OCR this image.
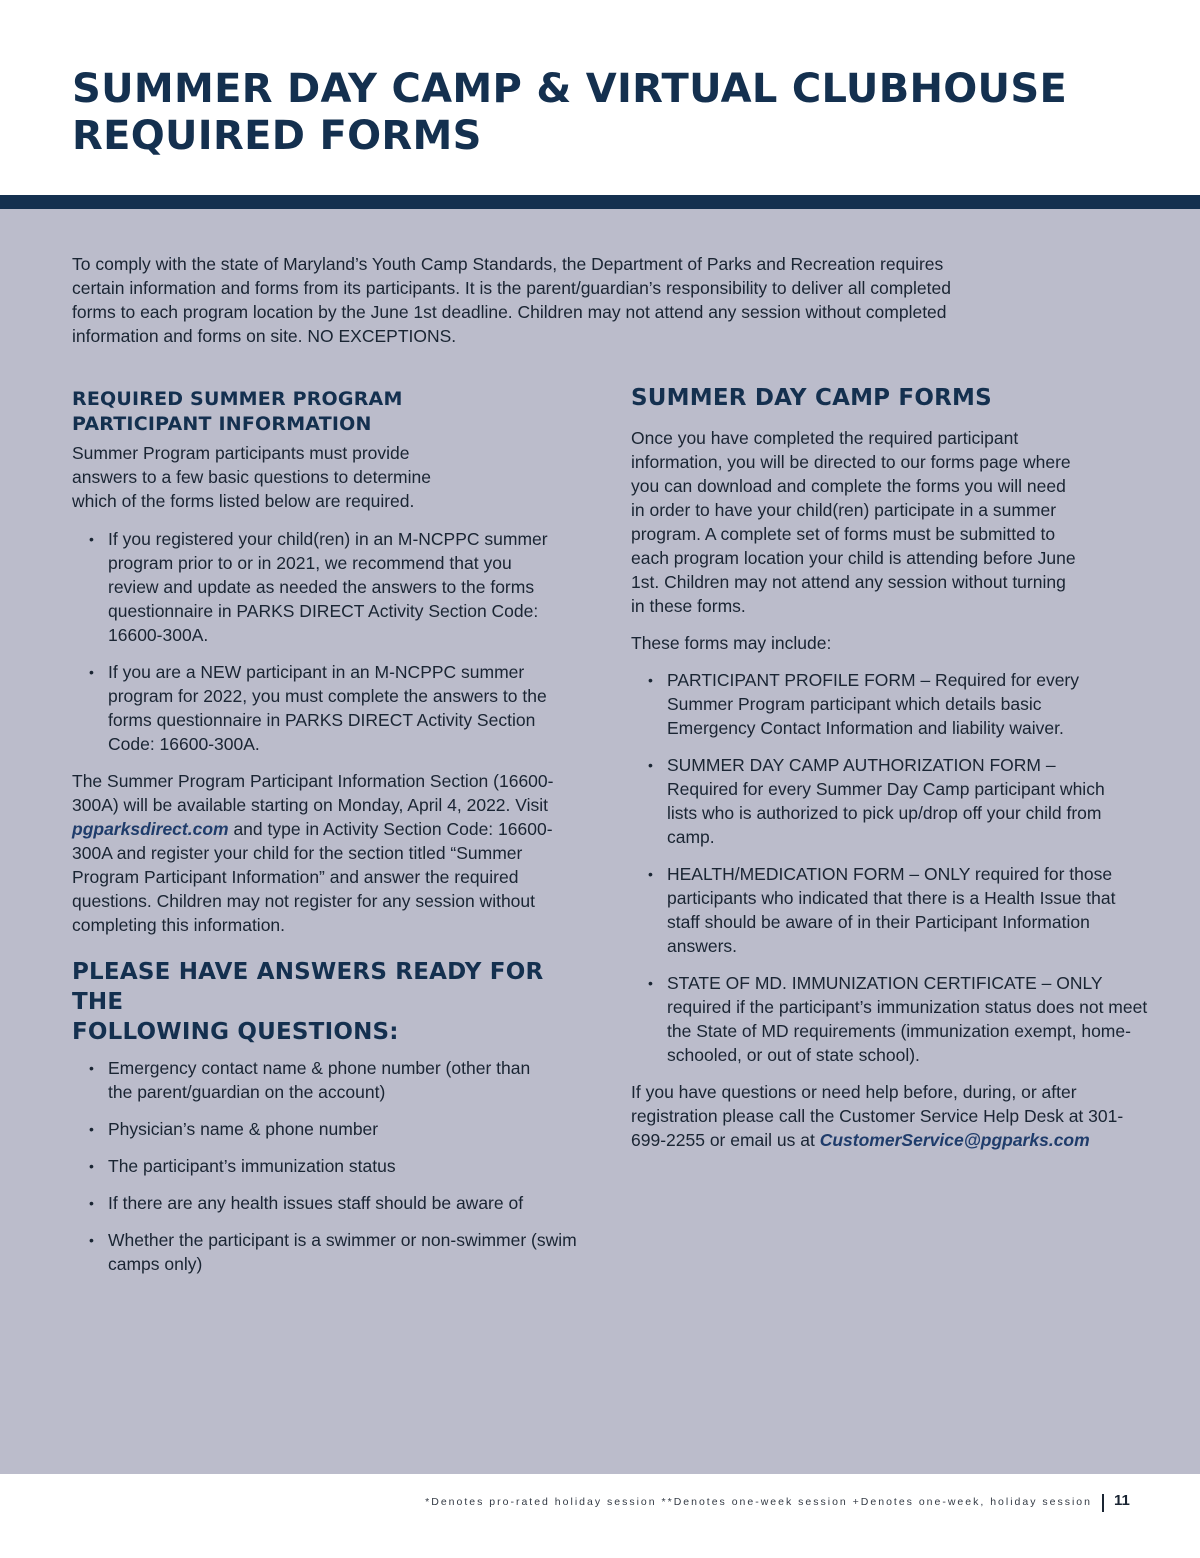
SUMMER DAY CAMP & VIRTUAL CLUBHOUSE
REQUIRED FORMS

To comply with the state of Maryland’s Youth Camp Standards, the Department of Parks and Recreation requires certain information and forms from its participants. It is the parent/guardian’s responsibility to deliver all completed forms to each program location by the June 1st deadline. Children may not attend any session without completed information and forms on site. NO EXCEPTIONS.

REQUIRED SUMMER PROGRAM
PARTICIPANT INFORMATION

Summer Program participants must provide answers to a few basic questions to determine which of the forms listed below are required.

• If you registered your child(ren) in an M-NCPPC summer program prior to or in 2021, we recommend that you review and update as needed the answers to the forms questionnaire in PARKS DIRECT Activity Section Code: 16600-300A.
• If you are a NEW participant in an M-NCPPC summer program for 2022, you must complete the answers to the forms questionnaire in PARKS DIRECT Activity Section Code: 16600-300A.

The Summer Program Participant Information Section (16600-300A) will be available starting on Monday, April 4, 2022. Visit pgparksdirect.com and type in Activity Section Code: 16600-300A and register your child for the section titled “Summer Program Participant Information” and answer the required questions. Children may not register for any session without completing this information.

PLEASE HAVE ANSWERS READY FOR THE
FOLLOWING QUESTIONS:
• Emergency contact name & phone number (other than the parent/guardian on the account)
• Physician’s name & phone number
• The participant’s immunization status
• If there are any health issues staff should be aware of
• Whether the participant is a swimmer or non-swimmer (swim camps only)
SUMMER DAY CAMP FORMS

Once you have completed the required participant information, you will be directed to our forms page where you can download and complete the forms you will need in order to have your child(ren) participate in a summer program. A complete set of forms must be submitted to each program location your child is attending before June 1st. Children may not attend any session without turning in these forms.

These forms may include:

• PARTICIPANT PROFILE FORM – Required for every Summer Program participant which details basic Emergency Contact Information and liability waiver.
• SUMMER DAY CAMP AUTHORIZATION FORM – Required for every Summer Day Camp participant which lists who is authorized to pick up/drop off your child from camp.
• HEALTH/MEDICATION FORM – ONLY required for those participants who indicated that there is a Health Issue that staff should be aware of in their Participant Information answers.
• STATE OF MD. IMMUNIZATION CERTIFICATE – ONLY required if the participant’s immunization status does not meet the State of MD requirements (immunization exempt, home-schooled, or out of state school).

If you have questions or need help before, during, or after registration please call the Customer Service Help Desk at 301-699-2255 or email us at CustomerService@pgparks.com

*Denotes pro-rated holiday session **Denotes one-week session +Denotes one-week, holiday session 11
